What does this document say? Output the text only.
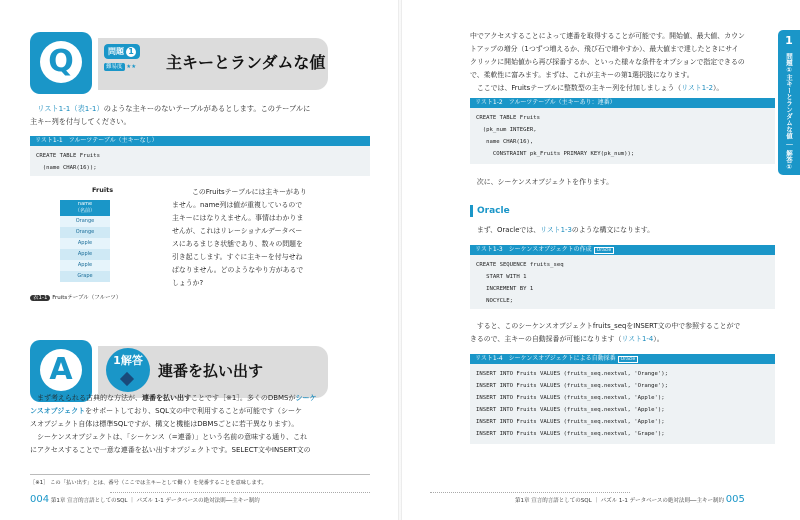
Q	問題 1
難易度 ★★ 主キーとランダムな値
　リスト1-1（表1-1）のような主キーのないテーブルがあるとします。このテーブルに
主キー列を付与してください。
リスト1-1　フルーツテーブル（主キーなし）
CREATE TABLE Fruits
(name CHAR(16));
Fruits
name
（名前）
Orange
Orange
Apple
Apple
Apple
Grape
このFruitsテーブルには主キーがあり
ません。name列は値が重複しているので
主キーにはなりえません。事情はわかりま
せんが、これはリレーショナルデータベー
スにあるまじき状態であり、数々の問題を
引き起こします。すぐに主キーを付与せね
ばなりません。どのようなやり方があるで
しょうか?
表1-1 Fruitsテーブル（フルーツ）
A	1解答
連番を払い出す
　まず考えられる古典的な方法が、連番を払い出すことです［※1］。多くのDBMSがシーケ
ンスオブジェクトをサポートしており、SQL文の中で利用することが可能です（シーケ
スオブジェクト自体は標準SQLですが、構文と機能はDBMSごとに若干異なります）。
　シーケンスオブジェクトは、「シーケンス（=連番）」という名前の意味する通り、これ
にアクセスすることで一意な連番を払い出すオブジェクトです。SELECT文やINSERT文の
［※1］ この「払い出す」とは、番号（ここでは主キーとして働く）を発番することを意味します。
004 第1章 宣言的言語としてのSQL ｜ パズル 1-1 データベースの絶対法則──主キー制約
中でアクセスすることによって連番を取得することが可能です。開始値、最大値、カウン
トアップの増分（1つずつ増えるか、飛び石で増やすか）、最大値まで達したときにサイ
クリックに開始値から再び採番するか、といった様々な条件をオプションで指定できるの
で、柔軟性に富みます。まずは、これが主キーの第1選択肢になります。
　ここでは、Fruitsテーブルに整数型の主キー列を付加しましょう（リスト1-2）。
リスト1-2　フルーツテーブル（主キーあり：連番）
CREATE TABLE Fruits
(pk_num INTEGER,
name CHAR(16),
CONSTRAINT pk_Fruits PRIMARY KEY(pk_num));
　次に、シーケンスオブジェクトを作ります。
Oracle
　まず、Oracleでは、リスト1-3のような構文になります。
リスト1-3　シーケンスオブジェクトの作成 Oracle
CREATE SEQUENCE fruits_seq
START WITH 1
INCREMENT BY 1
NOCYCLE;
　すると、このシーケンスオブジェクトfruits_seqをINSERT文の中で参照することがで
きるので、主キーの自動採番が可能になります（リスト1-4）。
リスト1-4　シーケンスオブジェクトによる自動採番 Oracle
INSERT INTO Fruits VALUES (fruits_seq.nextval, 'Orange');
INSERT INTO Fruits VALUES (fruits_seq.nextval, 'Orange');
INSERT INTO Fruits VALUES (fruits_seq.nextval, 'Apple');
INSERT INTO Fruits VALUES (fruits_seq.nextval, 'Apple');
INSERT INTO Fruits VALUES (fruits_seq.nextval, 'Apple');
INSERT INTO Fruits VALUES (fruits_seq.nextval, 'Grape');
1
問題①主キーとランダムな値 ｜ 解答①
第1章 宣言的言語としてのSQL ｜ パズル 1-1 データベースの絶対法則──主キー制約 005
